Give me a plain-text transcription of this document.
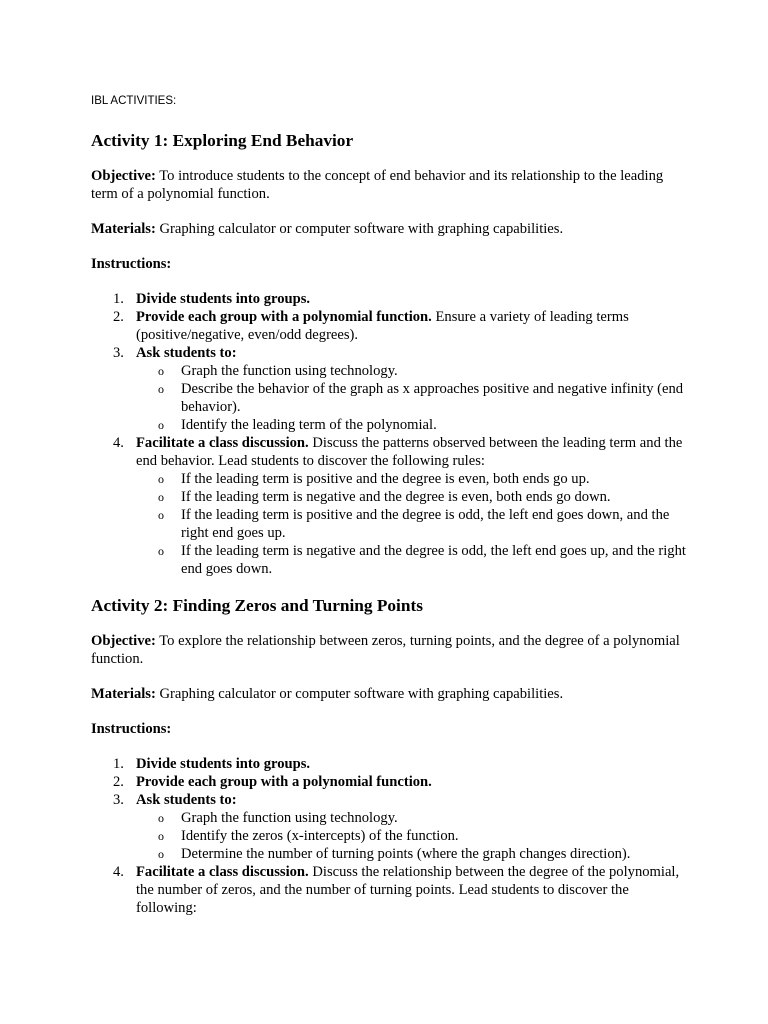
IBL ACTIVITIES:
Activity 1: Exploring End Behavior

Objective: To introduce students to the concept of end behavior and its relationship to the leading term of a polynomial function.

Materials: Graphing calculator or computer software with graphing capabilities.

Instructions:
1. Divide students into groups.
2. Provide each group with a polynomial function. Ensure a variety of leading terms (positive/negative, even/odd degrees).
3. Ask students to:
o Graph the function using technology.
o Describe the behavior of the graph as x approaches positive and negative infinity (end behavior).
o Identify the leading term of the polynomial.
4. Facilitate a class discussion. Discuss the patterns observed between the leading term and the end behavior. Lead students to discover the following rules:
o If the leading term is positive and the degree is even, both ends go up.
o If the leading term is negative and the degree is even, both ends go down.
o If the leading term is positive and the degree is odd, the left end goes down, and the right end goes up.
o If the leading term is negative and the degree is odd, the left end goes up, and the right end goes down.
Activity 2: Finding Zeros and Turning Points

Objective: To explore the relationship between zeros, turning points, and the degree of a polynomial function.

Materials: Graphing calculator or computer software with graphing capabilities.

Instructions:
1. Divide students into groups.
2. Provide each group with a polynomial function.
3. Ask students to:
o Graph the function using technology.
o Identify the zeros (x-intercepts) of the function.
o Determine the number of turning points (where the graph changes direction).
4. Facilitate a class discussion. Discuss the relationship between the degree of the polynomial, the number of zeros, and the number of turning points. Lead students to discover the following:
